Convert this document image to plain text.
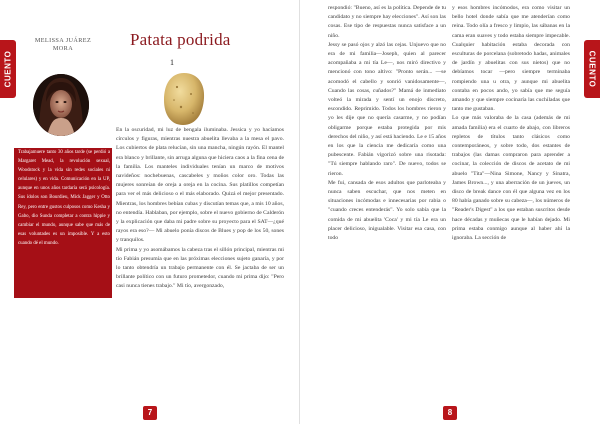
CUENTO
MELISSA JUÁREZ MORA
Trabajamuere tanto 30 años tarde (se perdió a Margaret Mead, la revolución sexual, Woodstock y la vida sin redes sociales ni celulares) y en vida. Comunicación en la UP, aunque en unos años tardaría será psicología. Sus ídolos son Bourdieu, Mick Jagger y Otto Rey, pero entre gustos culposos como Kesha y Gabo, dio Sunda completar a contra hippie y cambiar el mundo, aunque sabe que más de esas voluntades es un imposible. Y a esto cuando dé el mundo.
Patata podrida
1

En la oscuridad, mi luz de bengala iluminaba. Jessica y yo hacíamos círculos y figuras, mientras nuestra abuelita llevaba a la mesa el pavo. Los cubiertos de plata relucían, sin una mancha, ningún rayón. El mantel era blanco y brillante, sin arruga alguna que hiciera caos a la fina cena de la familia. Los manteles individuales tenían un marco de motivos navideños: nochebuenas, cascabeles y moños color oro. Todas las mujeres sonreían de oreja a oreja en la cocina. Sus platillos competían para ver el más delicioso o el más elaborado. Quizá el mejor presentado. Mientras, los hombres bebían cubas y discutían temas que, a mis 10 años, no entendía. Hablaban, por ejemplo, sobre el nuevo gobierno de Calderón y la explicación que daba mi padre sobre su proyecto para el SAT—¿qué rayos era eso?— Mi abuelo ponía discos de Blues y pop de los 50, sones y tranquilos.

Mi prima y yo asomábamos la cabeza tras el sillón principal, mientras mi tío Fabián presumía que en las próximas elecciones sujeto ganaría, y por lo tanto obtendría un trabajo permanente con él. Se jactaba de ser un brillante político con un futuro prometedor, cuando mi prima dijo: "Pero casi nunca tienes trabajo." Mi tío, avergonzado,

7

respondió: "Bueno, así es la política. Depende de tu candidato y no siempre hay elecciones". Así son las cosas. Ese tipo de respuestas nunca satisface a un niño.

Jessy se pasó ojos y alzó las cejas. Unjuevo que no era de mi familia—Joseph, quien al parecer acompañaba a mi tía Le—, nos miró directivo y mencionó con tono altivo: "Pronto serán... —se acomodó el cabello y sonrió vanidosamente—, Cuando las cosas, cuñados?" Mamá de inmediato volteó la mirada y sentí un enojo discreto, escondido. Reprimido. Todos los hombres rieron y yo les dije que no quería casarme, y no podían obligarme porque estaba protegida por mis derechos del niño, y así está haciendo. Le e 15 años en los que la ciencia me dedicaría como una pubescente. Fabián vigorizó sobre una risotada: "Tú siempre hablando raro". De nuevo, todos se rieron.

Me fui, cansada de esos adultos que parloteaba y nunca saben escuchar, que nos meten en situaciones incómodas e innecesarias por rabia o "cuando creces entenderás". Yo solo sabía que la comida de mi abuelita 'Coca' y mi tía Le era un placer delicioso, inigualable. Visitar esa casa, con todo

y esos hombres incómodos, era como visitar un bello hotel donde sabía que me atenderían como reina. Todo olía a fresco y limpio, las sábanas en la cama eran suaves y todo estaba siempre impecable. Cualquier habitación estaba decorada con esculturas de porcelana (sobretodo hadas, animales de jardín y abuelitas con sus nietos) que no debíamos tocar —pero siempre terminaba rompiendo una u otra, y aunque mi abuelita contaba en pocos ando, yo sabía que me seguía amando y que siempre cocinaría las cuchiladas que tanto me gustaban.

Lo que más valoraba de la casa (además de mi amada familia) era el cuarto de abajo, con libreros repletos de títulos tanto clásicos como contemporáneos, y sobre todo, dos estantes de trabajos (las damas compraron para aprender a cocinar, la colección de discos de acetato de mi abuelo "Tita"—Nina Simone, Nancy y Sinatra, James Brown..., y una aberración de un jueves, un disco de break dance con él que alguna vez en los 80 había ganado sobre su cabeza—, los números de "Reader's Digest" a los que estaban suscritos desde hace décadas y muñecas que le habían dejado. Mi prima estaba conmigo aunque al haber ahí la ignoraba. La sección de

CUENTO
8
